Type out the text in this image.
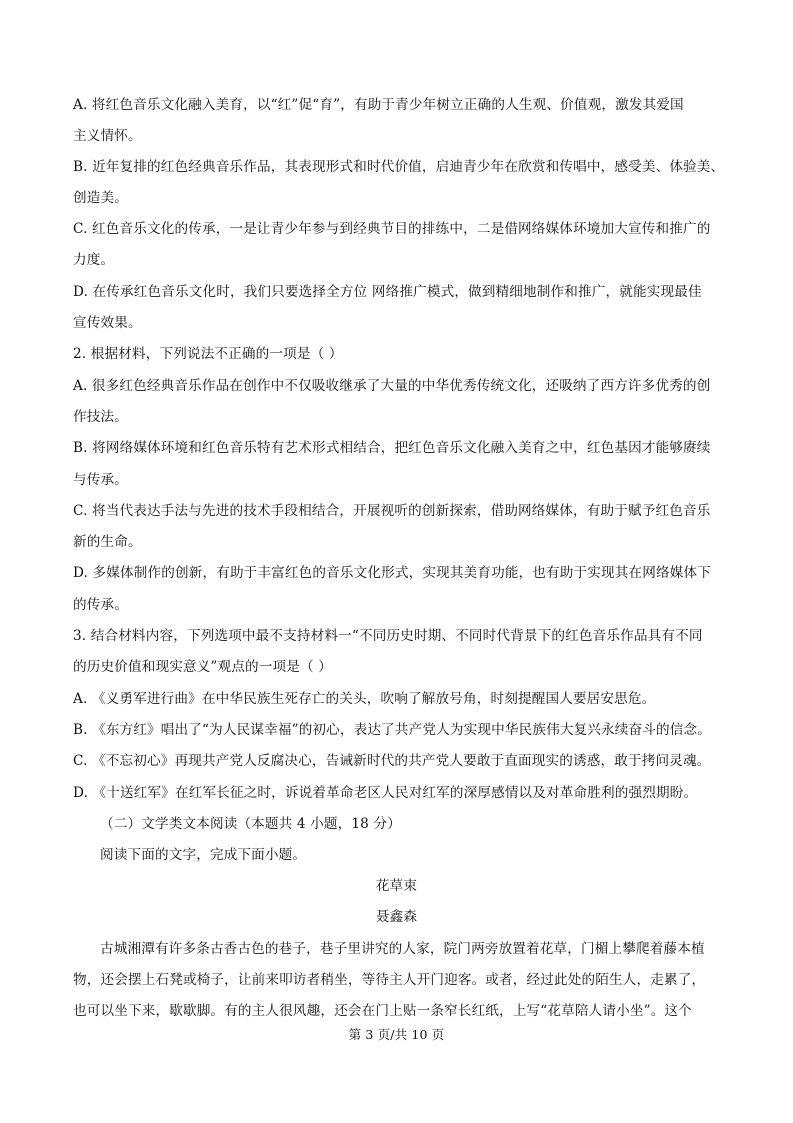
A. 将红色音乐文化融入美育，以“红”促“育”，有助于青少年树立正确的人生观、价值观，激发其爱国
主义情怀。
B. 近年复排的红色经典音乐作品，其表现形式和时代价值，启迪青少年在欣赏和传唱中，感受美、体验美、
创造美。
C. 红色音乐文化的传承，一是让青少年参与到经典节目的排练中，二是借网络媒体环境加大宣传和推广的
力度。
D. 在传承红色音乐文化时，我们只要选择全方位 网络推广模式，做到精细地制作和推广，就能实现最佳
宣传效果。
2. 根据材料，下列说法不正确的一项是（ ）
A. 很多红色经典音乐作品在创作中不仅吸收继承了大量的中华优秀传统文化，还吸纳了西方许多优秀的创
作技法。
B. 将网络媒体环境和红色音乐特有艺术形式相结合，把红色音乐文化融入美育之中，红色基因才能够赓续
与传承。
C. 将当代表达手法与先进的技术手段相结合，开展视听的创新探索，借助网络媒体，有助于赋予红色音乐
新的生命。
D. 多媒体制作的创新，有助于丰富红色的音乐文化形式，实现其美育功能，也有助于实现其在网络媒体下
的传承。
3. 结合材料内容，下列选项中最不支持材料一“不同历史时期、不同时代背景下的红色音乐作品具有不同
的历史价值和现实意义”观点的一项是（ ）
A. 《义勇军进行曲》在中华民族生死存亡的关头，吹响了解放号角，时刻提醒国人要居安思危。
B. 《东方红》唱出了“为人民谋幸福”的初心，表达了共产党人为实现中华民族伟大复兴永续奋斗的信念。
C. 《不忘初心》再现共产党人反腐决心，告诫新时代的共产党人要敢于直面现实的诱惑，敢于拷问灵魂。
D. 《十送红军》在红军长征之时，诉说着革命老区人民对红军的深厚感情以及对革命胜利的强烈期盼。
（二）文学类文本阅读（本题共 4 小题，18 分）
阅读下面的文字，完成下面小题。
花草束
聂鑫森
古城湘潭有许多条古香古色的巷子，巷子里讲究的人家，院门两旁放置着花草，门楣上攀爬着藤本植
物，还会摆上石凳或椅子，让前来叩访者稍坐，等待主人开门迎客。或者，经过此处的陌生人，走累了，
也可以坐下来，歇歇脚。有的主人很风趣，还会在门上贴一条窄长红纸，上写“花草陪人请小坐”。这个
第 3 页/共 10 页
